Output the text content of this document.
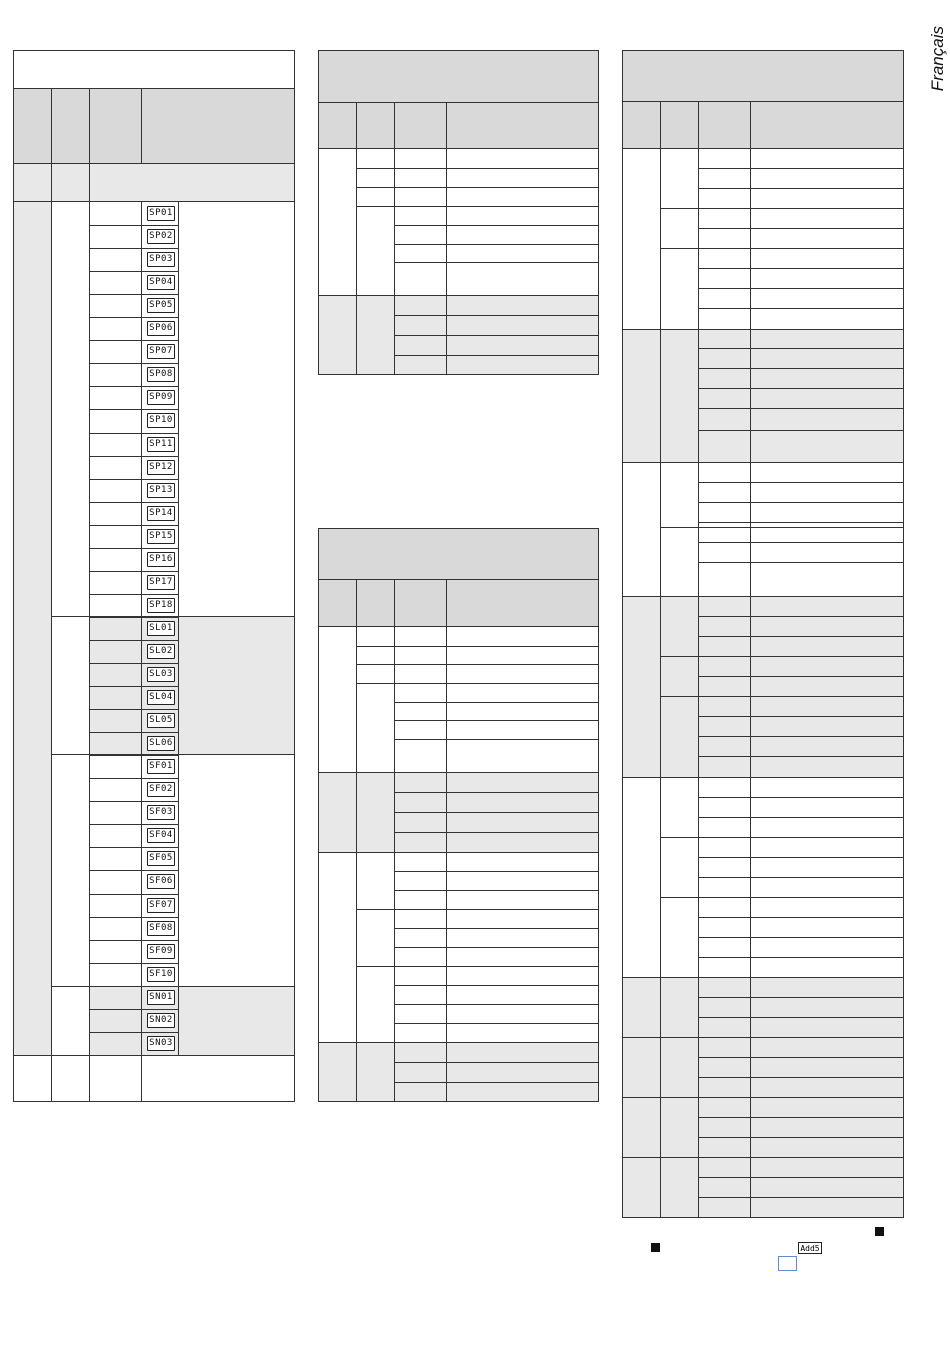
Français
SP01
SP02
SP03
SP04
SP05
SP06
SP07
SP08
SP09
SP10
SP11
SP12
SP13
SP14
SP15
SP16
SP17
SP18
SL01
SL02
SL03
SL04
SL05
SL06
SF01
SF02
SF03
SF04
SF05
SF06
SF07
SF08
SF09
SF10
SN01
SN02
SN03
Add5
